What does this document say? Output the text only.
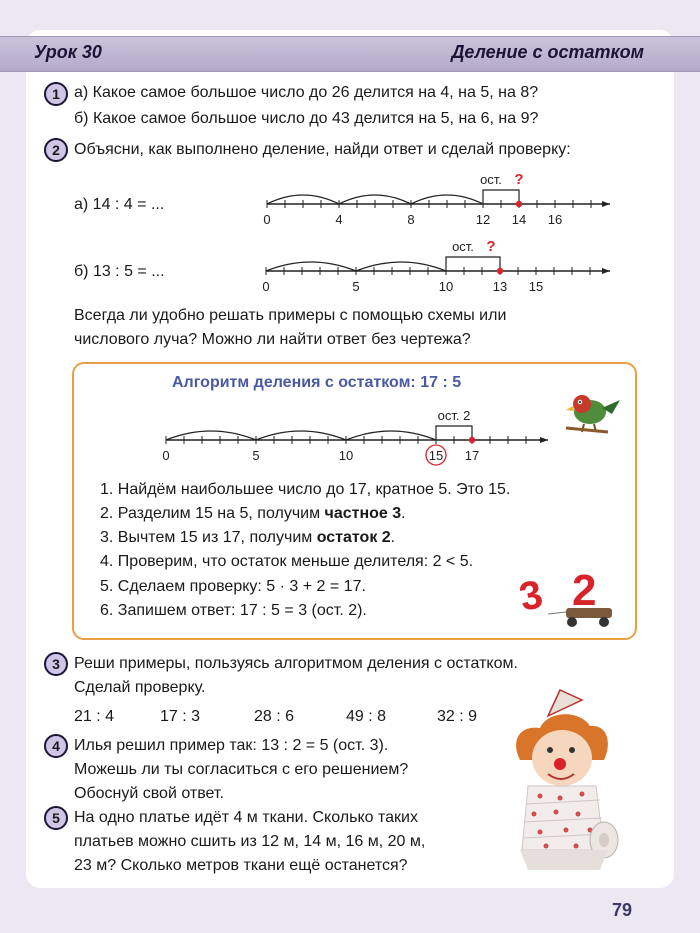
Урок 30	Деление с остатком
1 а) Какое самое большое число до 26 делится на 4, на 5, на 8?
б) Какое самое большое число до 43 делится на 5, на 6, на 9?
2 Объясни, как выполнено деление, найди ответ и сделай проверку:
а) 14 : 4 = ...
б) 13 : 5 = ...
0	4	8	12 14 16
ост. ?
0	5	10	13 15
ост. ?
Всегда ли удобно решать примеры с помощью схемы или
числового луча? Можно ли найти ответ без чертежа?
Алгоритм деления с остатком: 17 : 5
0	5	10	15 17
ост. 2
3 2
1. Найдём наибольшее число до 17, кратное 5. Это 15.
2. Разделим 15 на 5, получим частное 3.
3. Вычтем 15 из 17, получим остаток 2.
4. Проверим, что остаток меньше делителя: 2 < 5.
5. Сделаем проверку: 5 · 3 + 2 = 17.
6. Запишем ответ: 17 : 5 = 3 (ост. 2).
3 Реши примеры, пользуясь алгоритмом деления с остатком.
Сделай проверку.
21 : 4	17 : 3	28 : 6	49 : 8	32 : 9
4 Илья решил пример так: 13 : 2 = 5 (ост. 3).
Можешь ли ты согласиться с его решением?
Обоснуй свой ответ.
5 На одно платье идёт 4 м ткани. Сколько таких
платьев можно сшить из 12 м, 14 м, 16 м, 20 м,
23 м? Сколько метров ткани ещё останется?
79
